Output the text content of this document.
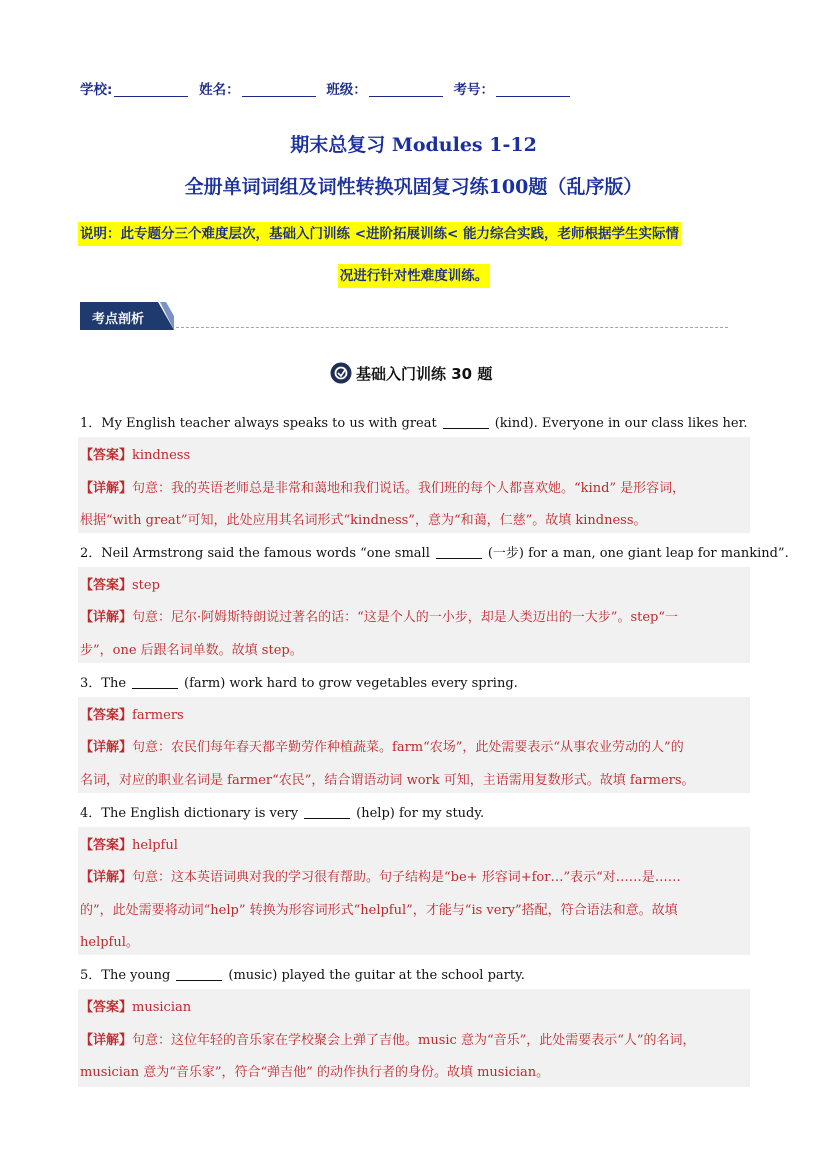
学校:	姓名：	班级：	考号：
期末总复习 Modules 1-12
全册单词词组及词性转换巩固复习练100题（乱序版）
说明：此专题分三个难度层次，基础入门训练 <进阶拓展训练< 能力综合实践，老师根据学生实际情
况进行针对性难度训练。
考点剖析
基础入门训练 30 题
1．My English teacher always speaks to us with great	(kind). Everyone in our class likes her.
【答案】kindness
【详解】句意：我的英语老师总是非常和蔼地和我们说话。我们班的每个人都喜欢她。“kind” 是形容词，
根据“with great”可知，此处应用其名词形式“kindness”，意为“和蔼，仁慈”。故填 kindness。
2．Neil Armstrong said the famous words “one small	(一步) for a man, one giant leap for mankind”.
【答案】step
【详解】句意：尼尔·阿姆斯特朗说过著名的话：“这是个人的一小步，却是人类迈出的一大步”。step“一
步”，one 后跟名词单数。故填 step。
3．The	(farm) work hard to grow vegetables every spring.
【答案】farmers
【详解】句意：农民们每年春天都辛勤劳作种植蔬菜。farm“农场”，此处需要表示“从事农业劳动的人”的
名词，对应的职业名词是 farmer“农民”，结合谓语动词 work 可知，主语需用复数形式。故填 farmers。
4．The English dictionary is very	(help) for my study.
【答案】helpful
【详解】句意：这本英语词典对我的学习很有帮助。句子结构是“be+ 形容词+for…”表示“对……是……
的”，此处需要将动词“help” 转换为形容词形式“helpful”，才能与“is very”搭配，符合语法和意。故填
helpful。
5．The young	(music) played the guitar at the school party.
【答案】musician
【详解】句意：这位年轻的音乐家在学校聚会上弹了吉他。music 意为“音乐”，此处需要表示“人”的名词，
musician 意为“音乐家”，符合“弹吉他” 的动作执行者的身份。故填 musician。
